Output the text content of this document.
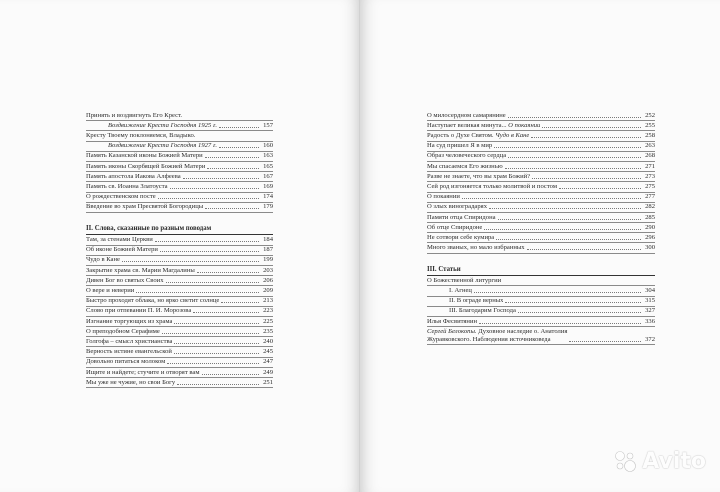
Принять и воздвигнуть Его Крест.
Воздвижение Креста Господня 1925 г.	157
Кресту Твоему поклоняемся, Владыко.
Воздвижение Креста Господня 1927 г.	160
Память Казанской иконы Божией Матери	163
Память иконы Скорбящей Божией Матери	165
Память апостола Иакова Алфеева	167
Память св. Иоанна Златоуста	169
О рождественском посте	174
Введение во храм Пресвятой Богородицы	179
II. Слова, сказанные по разным поводам
Там, за стенами Церкви	184
Об иконе Божией Матери	187
Чудо в Кане	199
Закрытие храма св. Марии Магдалины	203
Дивен Бог во святых Своих	206
О вере и неверии	209
Быстро проходят облака, но ярко светит солнце	213
Слово при отпевании П. И. Морозова	223
Изгнание торгующих из храма	225
О преподобном Серафиме	235
Голгофа – смысл христианства	240
Верность истине евангельской	245
Довольно питаться молоком	247
Ищите и найдете; стучите и отворят вам	249
Мы уже не чужие, но свои Богу	251
О милосердном самарянине	252
Наступает великая минута... О покаянии	255
Радость о Духе Святом. Чудо в Кане	258
На суд пришел Я в мир	263
Образ человеческого сердца	268
Мы спасаемся Его жизнью	271
Разве не знаете, что вы храм Божий?	273
Сей род изгоняется только молитвой и постом	275
О покаянии	277
О злых виноградарях	282
Памяти отца Спиридона	285
Об отце Спиридоне	290
Не сотвори себе кумира	296
Много званых, но мало избранных	300
III. Статьи
О Божественной литургии
I. Агнец	304
II. В ограде верных	315
III. Благодарим Господа	327
Илья Фесвитянин	336
Сергей Белокопы. Духовное наследие о. Анатолия
Журавковского. Наблюдения источниковеда	372
Avito
